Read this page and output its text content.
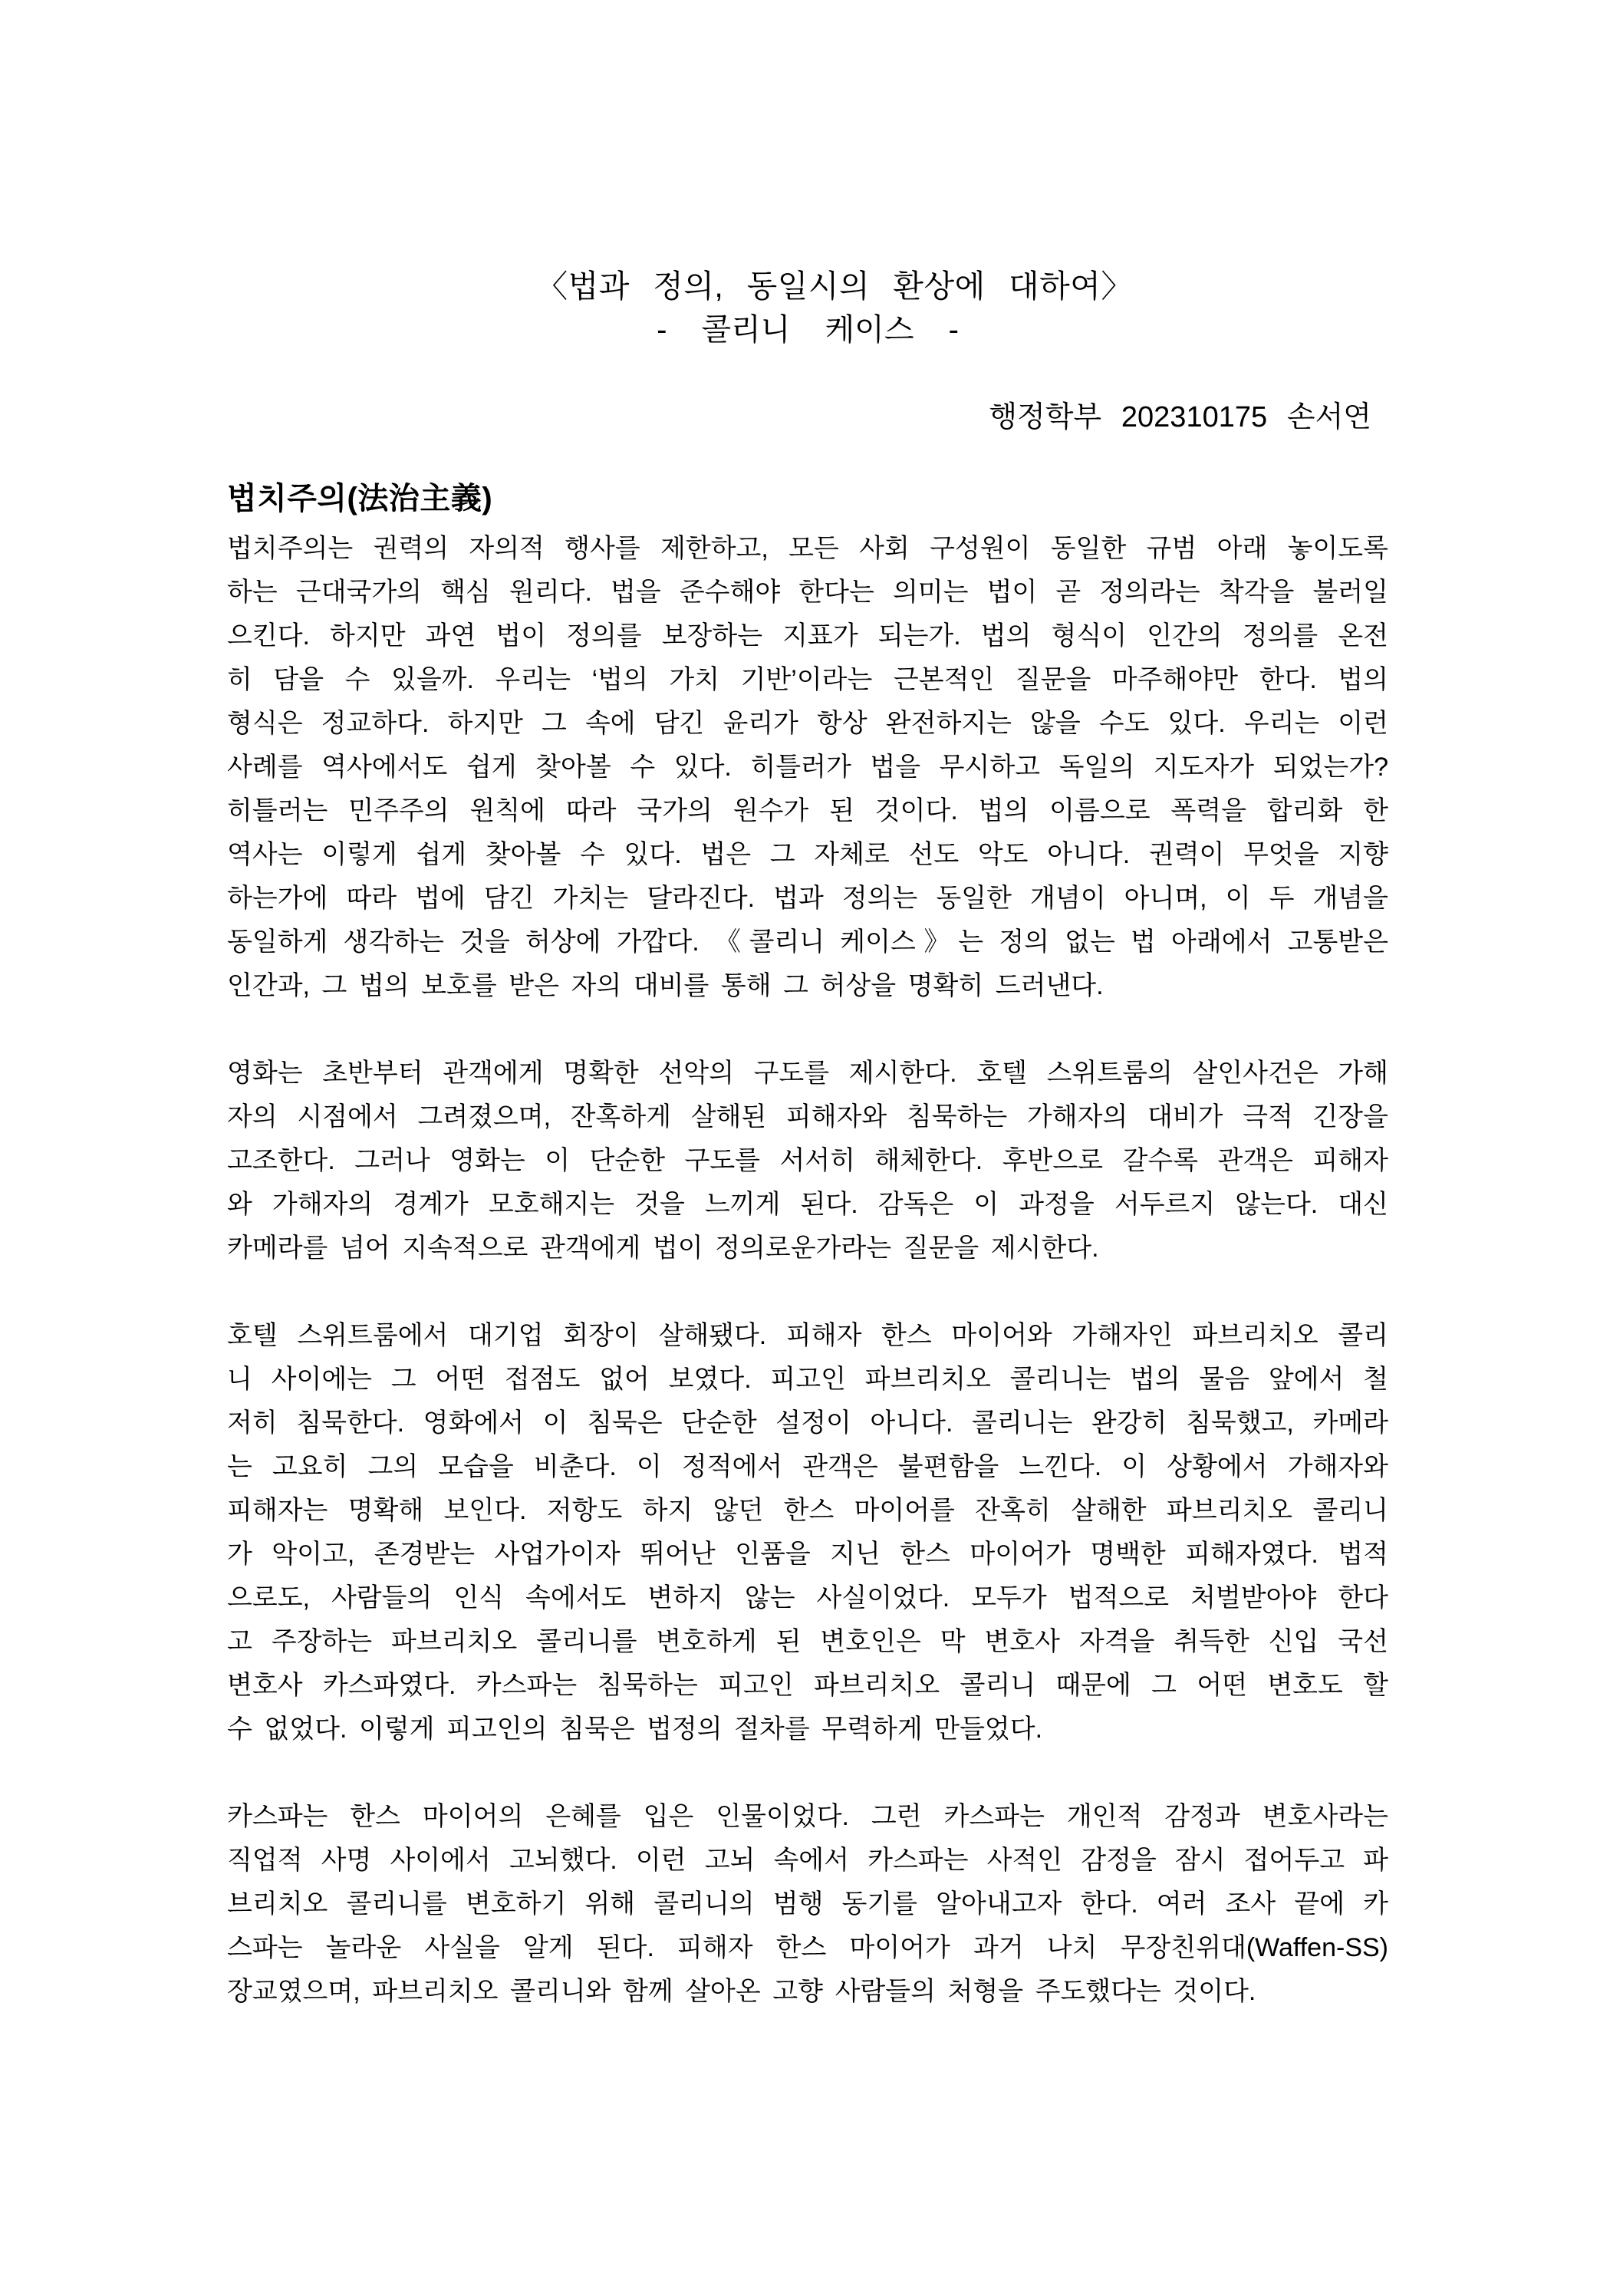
〈법과 정의, 동일시의 환상에 대하여〉
- 콜리니 케이스 -
행정학부 202310175 손서연
법치주의(法治主義)
법치주의는 권력의 자의적 행사를 제한하고, 모든 사회 구성원이 동일한 규범 아래 놓이도록
하는 근대국가의 핵심 원리다. 법을 준수해야 한다는 의미는 법이 곧 정의라는 착각을 불러일
으킨다. 하지만 과연 법이 정의를 보장하는 지표가 되는가. 법의 형식이 인간의 정의를 온전
히 담을 수 있을까. 우리는 ‘법의 가치 기반’이라는 근본적인 질문을 마주해야만 한다. 법의
형식은 정교하다. 하지만 그 속에 담긴 윤리가 항상 완전하지는 않을 수도 있다. 우리는 이런
사례를 역사에서도 쉽게 찾아볼 수 있다. 히틀러가 법을 무시하고 독일의 지도자가 되었는가?
히틀러는 민주주의 원칙에 따라 국가의 원수가 된 것이다. 법의 이름으로 폭력을 합리화 한
역사는 이렇게 쉽게 찾아볼 수 있다. 법은 그 자체로 선도 악도 아니다. 권력이 무엇을 지향
하는가에 따라 법에 담긴 가치는 달라진다. 법과 정의는 동일한 개념이 아니며, 이 두 개념을
동일하게 생각하는 것을 허상에 가깝다. 《콜리니 케이스》는 정의 없는 법 아래에서 고통받은
인간과, 그 법의 보호를 받은 자의 대비를 통해 그 허상을 명확히 드러낸다.
영화는 초반부터 관객에게 명확한 선악의 구도를 제시한다. 호텔 스위트룸의 살인사건은 가해
자의 시점에서 그려졌으며, 잔혹하게 살해된 피해자와 침묵하는 가해자의 대비가 극적 긴장을
고조한다. 그러나 영화는 이 단순한 구도를 서서히 해체한다. 후반으로 갈수록 관객은 피해자
와 가해자의 경계가 모호해지는 것을 느끼게 된다. 감독은 이 과정을 서두르지 않는다. 대신
카메라를 넘어 지속적으로 관객에게 법이 정의로운가라는 질문을 제시한다.
호텔 스위트룸에서 대기업 회장이 살해됐다. 피해자 한스 마이어와 가해자인 파브리치오 콜리
니 사이에는 그 어떤 접점도 없어 보였다. 피고인 파브리치오 콜리니는 법의 물음 앞에서 철
저히 침묵한다. 영화에서 이 침묵은 단순한 설정이 아니다. 콜리니는 완강히 침묵했고, 카메라
는 고요히 그의 모습을 비춘다. 이 정적에서 관객은 불편함을 느낀다. 이 상황에서 가해자와
피해자는 명확해 보인다. 저항도 하지 않던 한스 마이어를 잔혹히 살해한 파브리치오 콜리니
가 악이고, 존경받는 사업가이자 뛰어난 인품을 지닌 한스 마이어가 명백한 피해자였다. 법적
으로도, 사람들의 인식 속에서도 변하지 않는 사실이었다. 모두가 법적으로 처벌받아야 한다
고 주장하는 파브리치오 콜리니를 변호하게 된 변호인은 막 변호사 자격을 취득한 신입 국선
변호사 카스파였다. 카스파는 침묵하는 피고인 파브리치오 콜리니 때문에 그 어떤 변호도 할
수 없었다. 이렇게 피고인의 침묵은 법정의 절차를 무력하게 만들었다.
카스파는 한스 마이어의 은혜를 입은 인물이었다. 그런 카스파는 개인적 감정과 변호사라는
직업적 사명 사이에서 고뇌했다. 이런 고뇌 속에서 카스파는 사적인 감정을 잠시 접어두고 파
브리치오 콜리니를 변호하기 위해 콜리니의 범행 동기를 알아내고자 한다. 여러 조사 끝에 카
스파는 놀라운 사실을 알게 된다. 피해자 한스 마이어가 과거 나치 무장친위대(Waffen-SS)
장교였으며, 파브리치오 콜리니와 함께 살아온 고향 사람들의 처형을 주도했다는 것이다.
